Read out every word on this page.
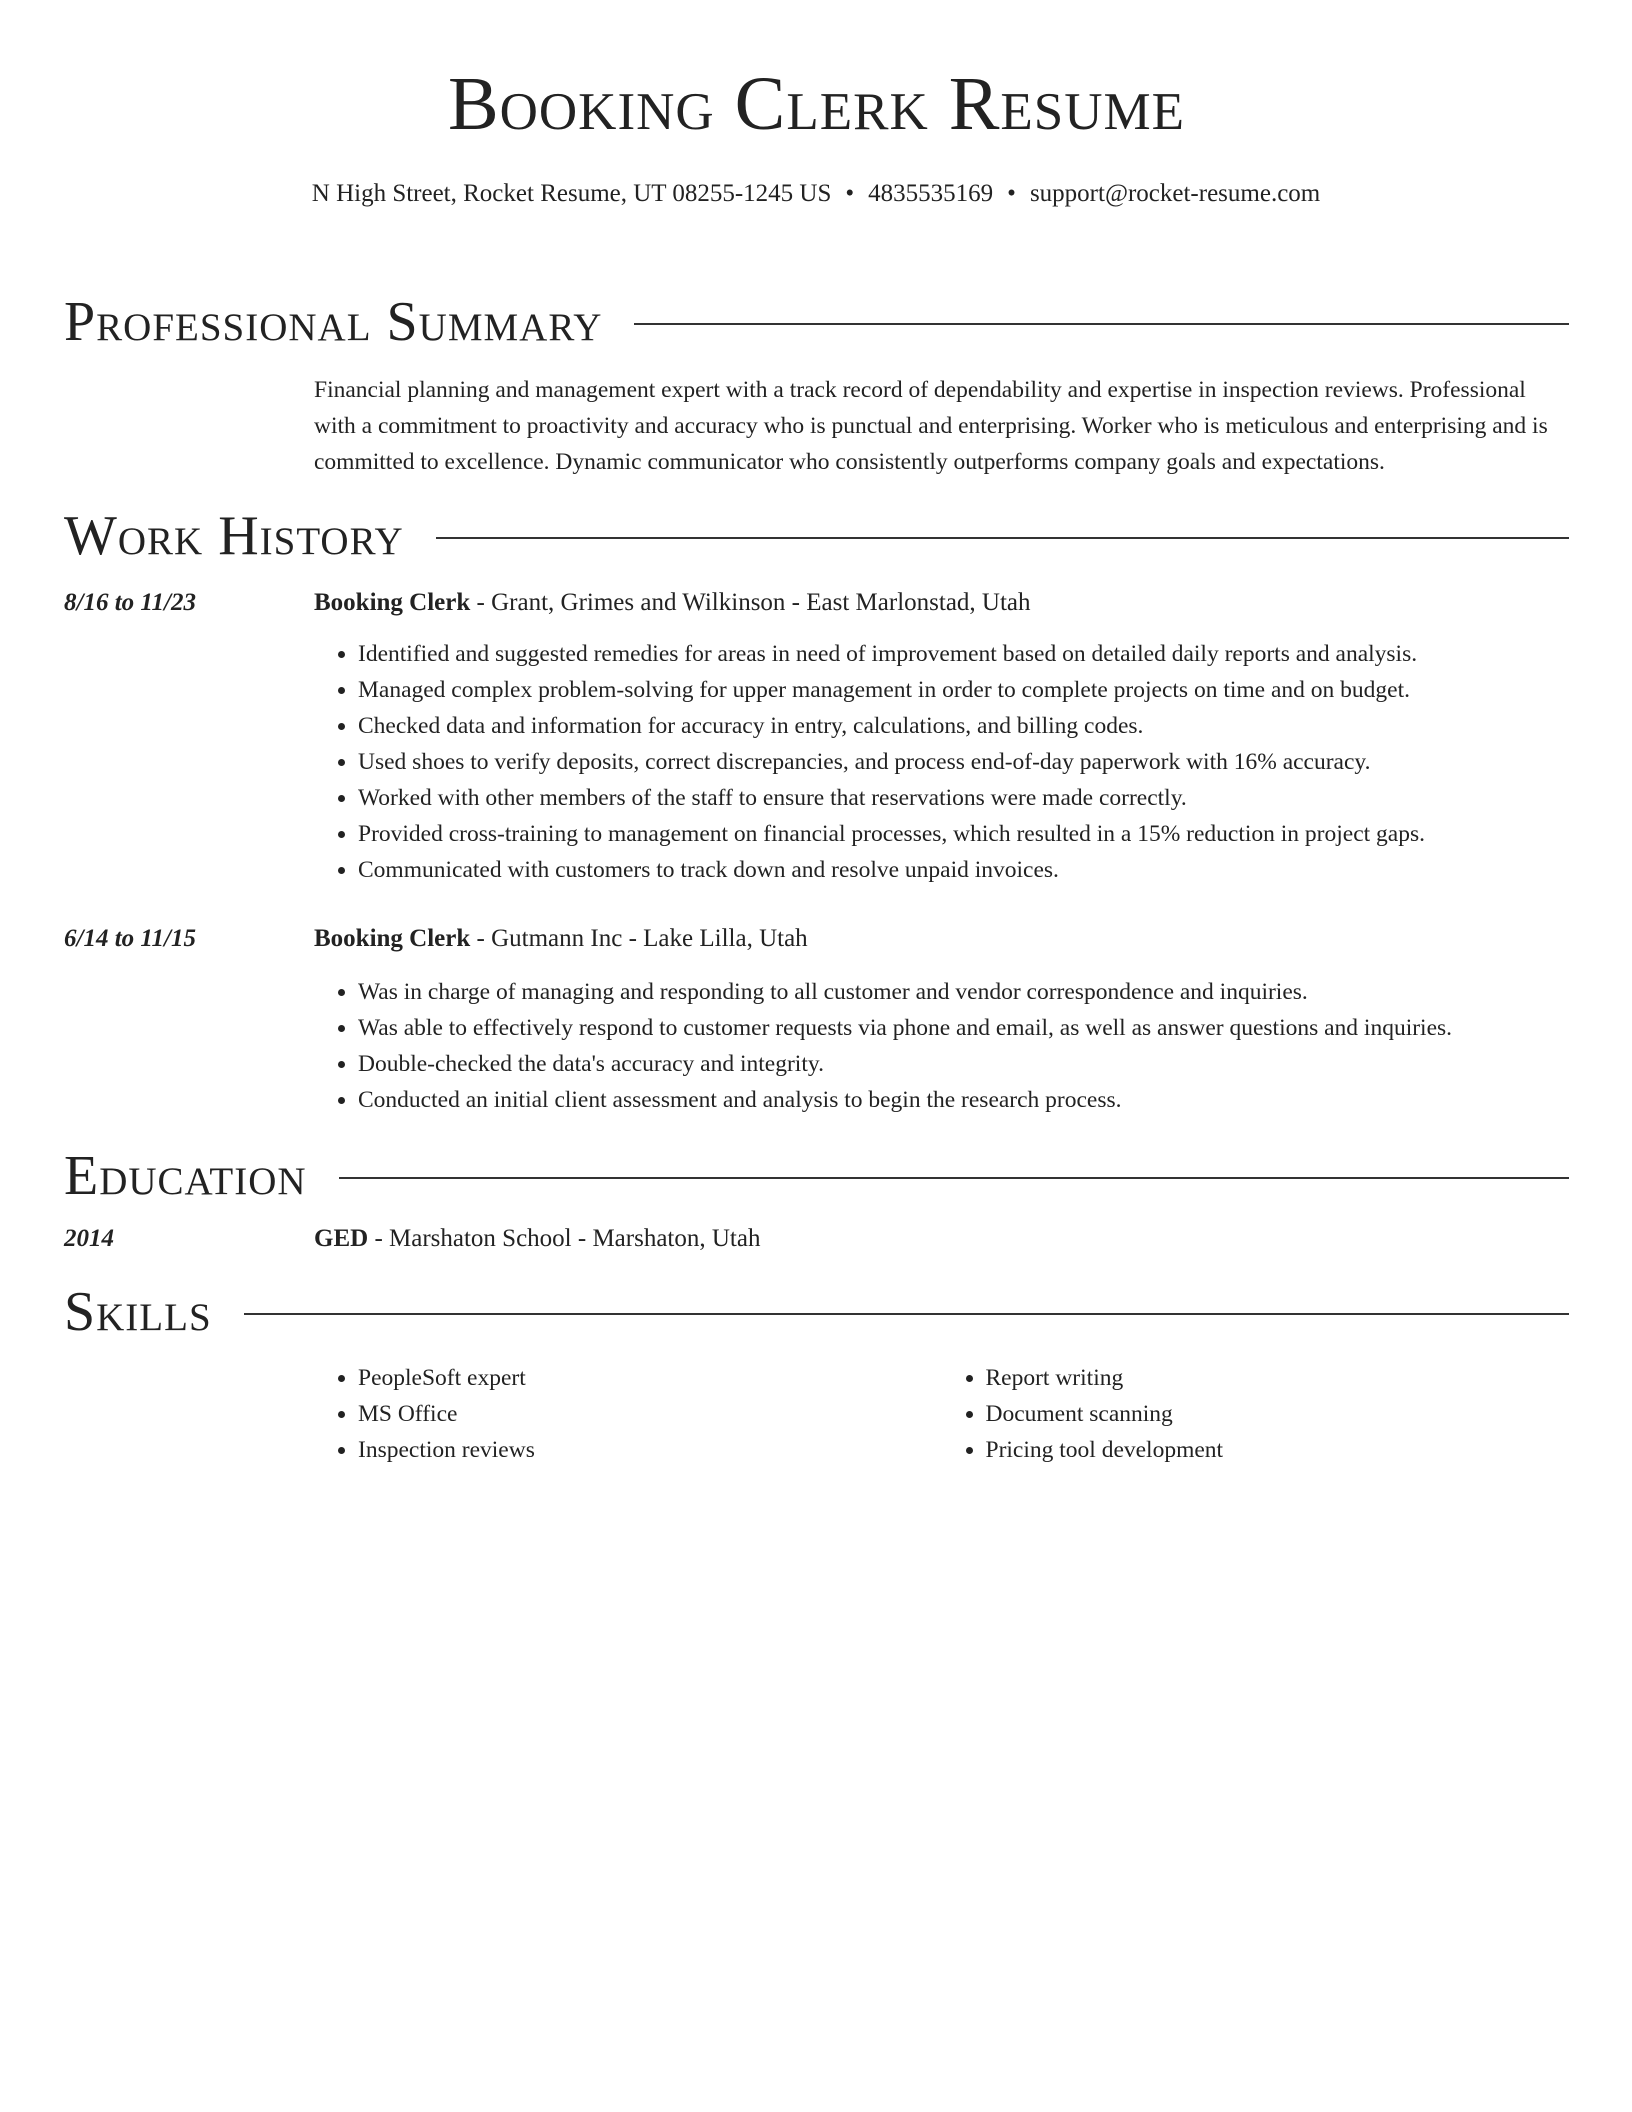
Booking Clerk Resume
N High Street, Rocket Resume, UT 08255-1245 US • 4835535169 • support@rocket-resume.com
Professional Summary
Financial planning and management expert with a track record of dependability and expertise in inspection reviews. Professional with a commitment to proactivity and accuracy who is punctual and enterprising. Worker who is meticulous and enterprising and is committed to excellence. Dynamic communicator who consistently outperforms company goals and expectations.
Work History
8/16 to 11/23	Booking Clerk - Grant, Grimes and Wilkinson - East Marlonstad, Utah
• Identified and suggested remedies for areas in need of improvement based on detailed daily reports and analysis.
• Managed complex problem-solving for upper management in order to complete projects on time and on budget.
• Checked data and information for accuracy in entry, calculations, and billing codes.
• Used shoes to verify deposits, correct discrepancies, and process end-of-day paperwork with 16% accuracy.
• Worked with other members of the staff to ensure that reservations were made correctly.
• Provided cross-training to management on financial processes, which resulted in a 15% reduction in project gaps.
• Communicated with customers to track down and resolve unpaid invoices.
6/14 to 11/15	Booking Clerk - Gutmann Inc - Lake Lilla, Utah
• Was in charge of managing and responding to all customer and vendor correspondence and inquiries.
• Was able to effectively respond to customer requests via phone and email, as well as answer questions and inquiries.
• Double-checked the data's accuracy and integrity.
• Conducted an initial client assessment and analysis to begin the research process.
Education
2014	GED - Marshaton School - Marshaton, Utah
Skills
• PeopleSoft expert
• MS Office
• Inspection reviews
• Report writing
• Document scanning
• Pricing tool development
